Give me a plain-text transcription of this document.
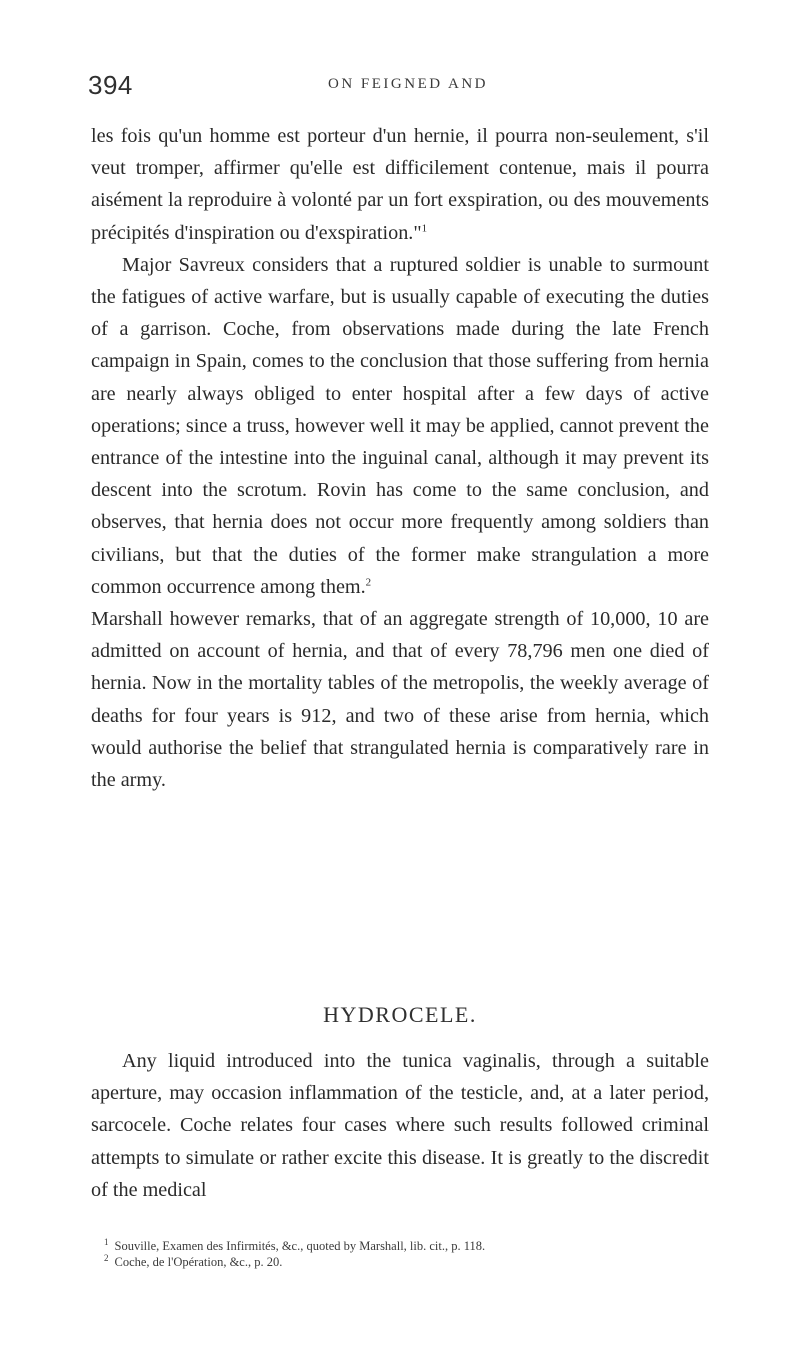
394	ON FEIGNED AND

les fois qu'un homme est porteur d'un hernie, il pourra non-seulement, s'il veut tromper, affirmer qu'elle est difficilement contenue, mais il pourra aisément la reproduire à volonté par un fort exspiration, ou des mouvements précipités d'inspiration ou d'exspiration."$^1$

Major Savreux considers that a ruptured soldier is unable to surmount the fatigues of active warfare, but is usually capable of executing the duties of a garrison. Coche, from observations made during the late French campaign in Spain, comes to the conclusion that those suffering from hernia are nearly always obliged to enter hospital after a few days of active operations; since a truss, however well it may be applied, cannot prevent the entrance of the intestine into the inguinal canal, although it may prevent its descent into the scrotum. Rovin has come to the same conclusion, and observes, that hernia does not occur more frequently among soldiers than civilians, but that the duties of the former make strangulation a more common occurrence among them.$^2$

Marshall however remarks, that of an aggregate strength of 10,000, 10 are admitted on account of hernia, and that of every 78,796 men one died of hernia. Now in the mortality tables of the metropolis, the weekly average of deaths for four years is 912, and two of these arise from hernia, which would authorise the belief that strangulated hernia is comparatively rare in the army.

HYDROCELE.

Any liquid introduced into the tunica vaginalis, through a suitable aperture, may occasion inflammation of the testicle, and, at a later period, sarcocele. Coche relates four cases where such results followed criminal attempts to simulate or rather excite this disease. It is greatly to the discredit of the medical

$^1$ Souville, Examen des Infirmités, &c., quoted by Marshall, lib. cit., p. 118.

$^2$ Coche, de l'Opération, &c., p. 20.
